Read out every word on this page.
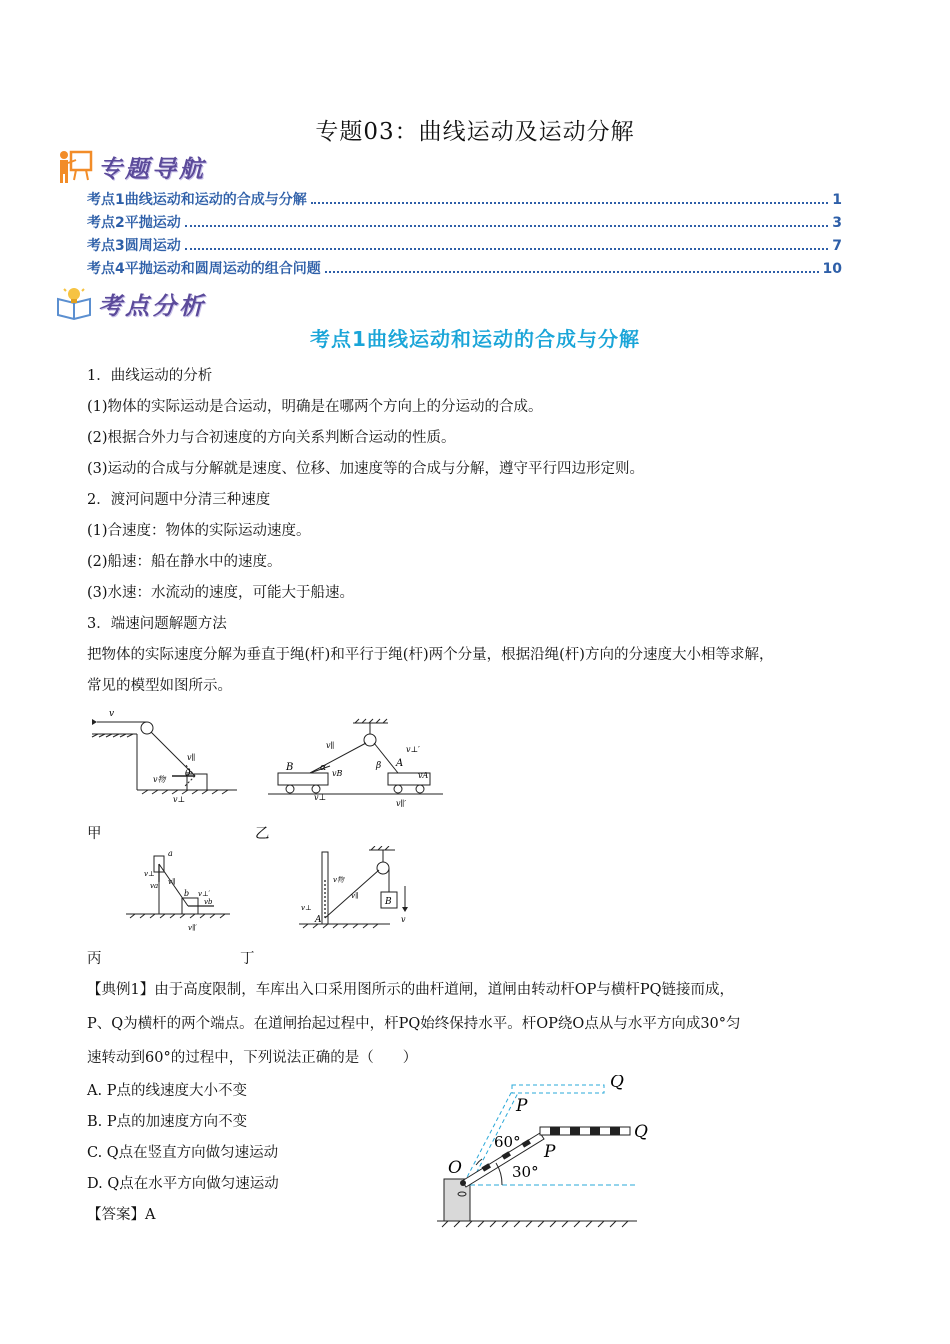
专题03：曲线运动及运动分解
专题导航
考点1曲线运动和运动的合成与分解	1
考点2平抛运动	3
考点3圆周运动	7
考点4平抛运动和圆周运动的组合问题	10
考点分析
考点1曲线运动和运动的合成与分解
1．曲线运动的分析
(1)物体的实际运动是合运动，明确是在哪两个方向上的分运动的合成。
(2)根据合外力与合初速度的方向关系判断合运动的性质。
(3)运动的合成与分解就是速度、位移、加速度等的合成与分解，遵守平行四边形定则。
2．渡河问题中分清三种速度
(1)合速度：物体的实际运动速度。
(2)船速：船在静水中的速度。
(3)水速：水流动的速度，可能大于船速。
3．端速问题解题方法
把物体的实际速度分解为垂直于绳(杆)和平行于绳(杆)两个分量，根据沿绳(杆)方向的分速度大小相等求解，
常见的模型如图所示。
v
v∥
θ
v物
v⊥
B	A
α	β
vB	vA
v∥
v⊥
v⊥′
v∥′
甲	乙
a
b
v⊥
va
vb
v∥
v⊥′
v∥′
A
B
v物
v⊥
v∥
v
丙	丁
【典例1】由于高度限制，车库出入口采用图所示的曲杆道闸，道闸由转动杆OP与横杆PQ链接而成，
P、Q为横杆的两个端点。在道闸抬起过程中，杆PQ始终保持水平。杆OP绕O点从与水平方向成30°匀
速转动到60°的过程中，下列说法正确的是（　　）
A. P点的线速度大小不变
B. P点的加速度方向不变
C. Q点在竖直方向做匀速运动
D. Q点在水平方向做匀速运动
【答案】A
O
P
Q
P
Q
60°
30°
